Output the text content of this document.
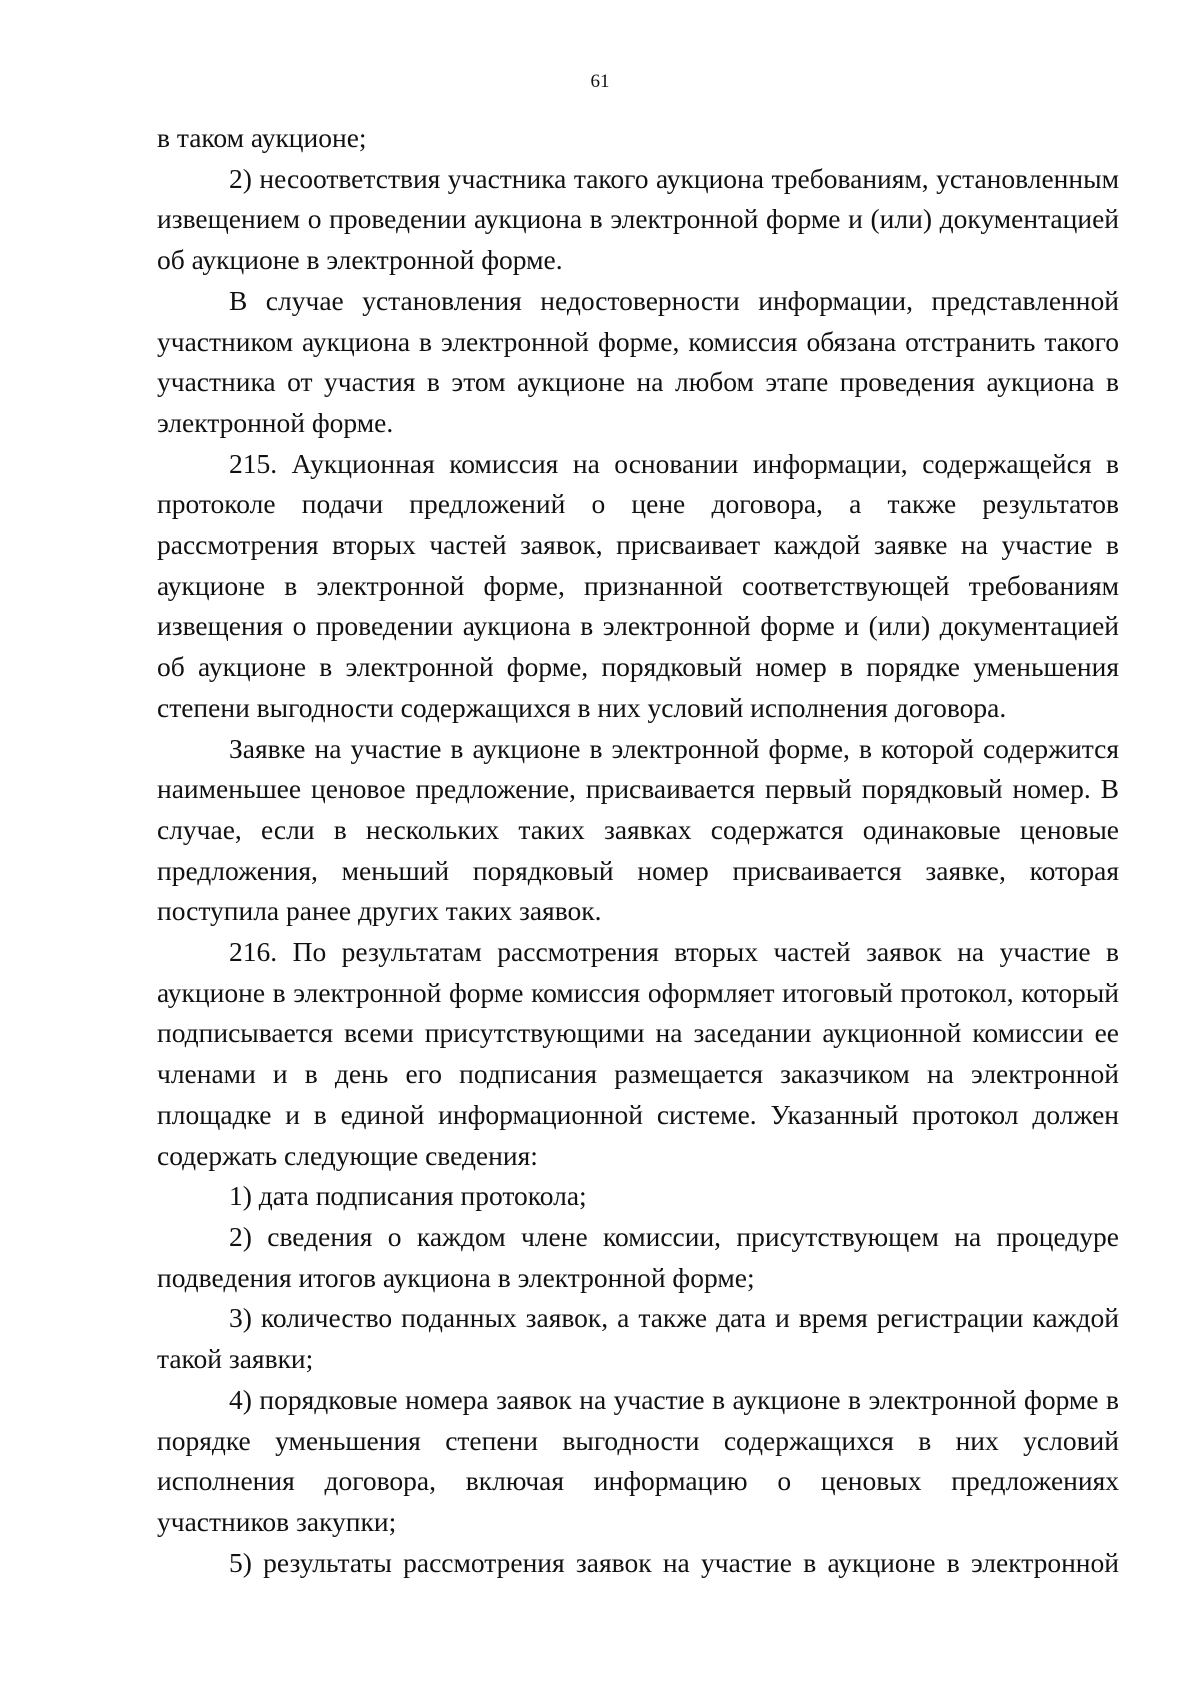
61

в таком аукционе;

2) несоответствия участника такого аукциона требованиям, установленным извещением о проведении аукциона в электронной форме и (или) документацией об аукционе в электронной форме.

В случае установления недостоверности информации, представленной участником аукциона в электронной форме, комиссия обязана отстранить такого участника от участия в этом аукционе на любом этапе проведения аукциона в электронной форме.

215. Аукционная комиссия на основании информации, содержащейся в протоколе подачи предложений о цене договора, а также результатов рассмотрения вторых частей заявок, присваивает каждой заявке на участие в аукционе в электронной форме, признанной соответствующей требованиям извещения о проведении аукциона в электронной форме и (или) документацией об аукционе в электронной форме, порядковый номер в порядке уменьшения степени выгодности содержащихся в них условий исполнения договора.

Заявке на участие в аукционе в электронной форме, в которой содержится наименьшее ценовое предложение, присваивается первый порядковый номер. В случае, если в нескольких таких заявках содержатся одинаковые ценовые предложения, меньший порядковый номер присваивается заявке, которая поступила ранее других таких заявок.

216. По результатам рассмотрения вторых частей заявок на участие в аукционе в электронной форме комиссия оформляет итоговый протокол, который подписывается всеми присутствующими на заседании аукционной комиссии ее членами и в день его подписания размещается заказчиком на электронной площадке и в единой информационной системе. Указанный протокол должен содержать следующие сведения:

1) дата подписания протокола;

2) сведения о каждом члене комиссии, присутствующем на процедуре подведения итогов аукциона в электронной форме;

3) количество поданных заявок, а также дата и время регистрации каждой такой заявки;

4) порядковые номера заявок на участие в аукционе в электронной форме в порядке уменьшения степени выгодности содержащихся в них условий исполнения договора, включая информацию о ценовых предложениях участников закупки;

5) результаты рассмотрения заявок на участие в аукционе в электронной
